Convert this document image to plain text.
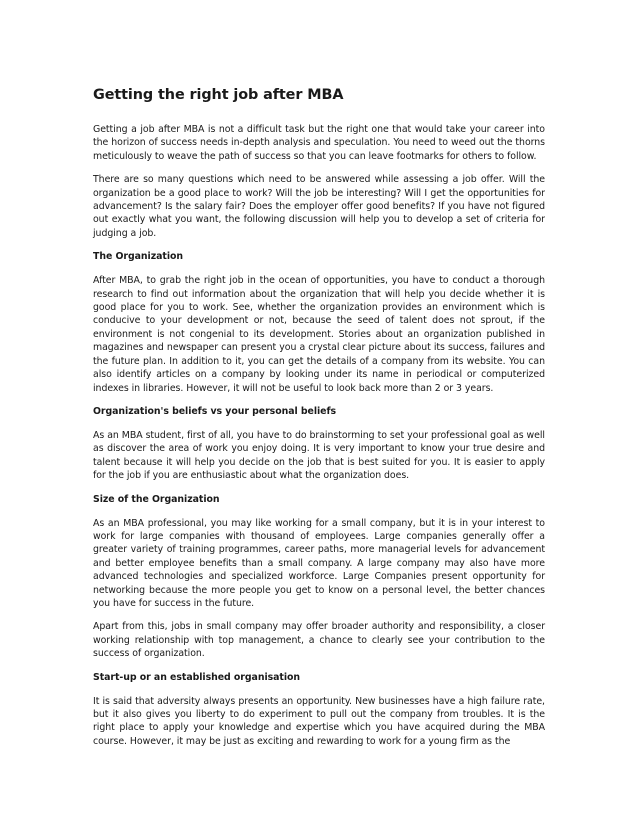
Getting the right job after MBA

Getting a job after MBA is not a difficult task but the right one that would take your career into the horizon of success needs in-depth analysis and speculation. You need to weed out the thorns meticulously to weave the path of success so that you can leave footmarks for others to follow.

There are so many questions which need to be answered while assessing a job offer. Will the organization be a good place to work? Will the job be interesting? Will I get the opportunities for advancement? Is the salary fair? Does the employer offer good benefits? If you have not figured out exactly what you want, the following discussion will help you to develop a set of criteria for judging a job.

The Organization

After MBA, to grab the right job in the ocean of opportunities, you have to conduct a thorough research to find out information about the organization that will help you decide whether it is good place for you to work. See, whether the organization provides an environment which is conducive to your development or not, because the seed of talent does not sprout, if the environment is not congenial to its development. Stories about an organization published in magazines and newspaper can present you a crystal clear picture about its success, failures and the future plan. In addition to it, you can get the details of a company from its website. You can also identify articles on a company by looking under its name in periodical or computerized indexes in libraries. However, it will not be useful to look back more than 2 or 3 years.

Organization's beliefs vs your personal beliefs

As an MBA student, first of all, you have to do brainstorming to set your professional goal as well as discover the area of work you enjoy doing. It is very important to know your true desire and talent because it will help you decide on the job that is best suited for you. It is easier to apply for the job if you are enthusiastic about what the organization does.

Size of the Organization

As an MBA professional, you may like working for a small company, but it is in your interest to work for large companies with thousand of employees. Large companies generally offer a greater variety of training programmes, career paths, more managerial levels for advancement and better employee benefits than a small company. A large company may also have more advanced technologies and specialized workforce. Large Companies present opportunity for networking because the more people you get to know on a personal level, the better chances you have for success in the future.

Apart from this, jobs in small company may offer broader authority and responsibility, a closer working relationship with top management, a chance to clearly see your contribution to the success of organization.

Start-up or an established organisation

It is said that adversity always presents an opportunity. New businesses have a high failure rate, but it also gives you liberty to do experiment to pull out the company from troubles. It is the right place to apply your knowledge and expertise which you have acquired during the MBA course. However, it may be just as exciting and rewarding to work for a young firm as the
